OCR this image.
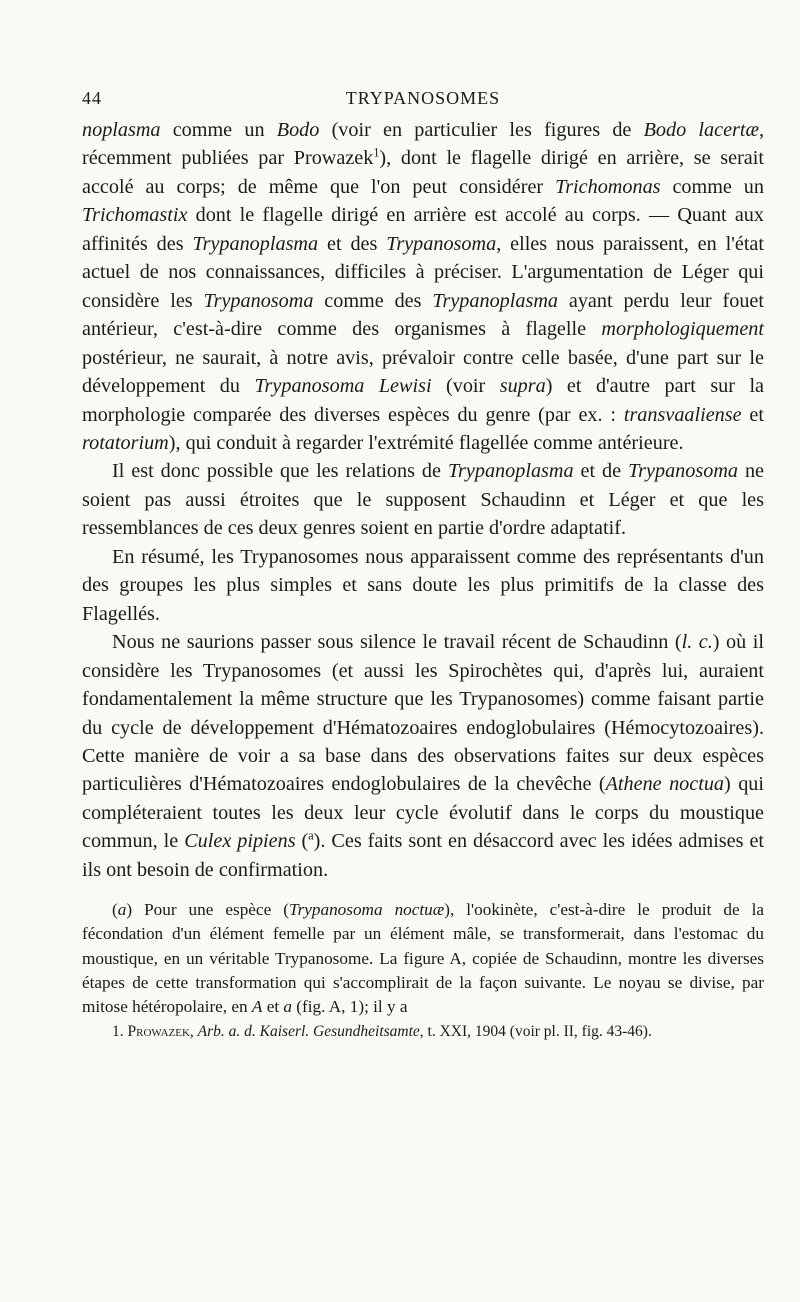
44	TRYPANOSOMES

noplasma comme un Bodo (voir en particulier les figures de Bodo lacertæ, récemment publiées par Prowazek$^1$), dont le flagelle dirigé en arrière, se serait accolé au corps; de même que l'on peut considérer Trichomonas comme un Trichomastix dont le flagelle dirigé en arrière est accolé au corps. — Quant aux affinités des Trypanoplasma et des Trypanosoma, elles nous paraissent, en l'état actuel de nos connaissances, difficiles à préciser. L'argumentation de Léger qui considère les Trypanosoma comme des Trypanoplasma ayant perdu leur fouet antérieur, c'est-à-dire comme des organismes à flagelle morphologiquement postérieur, ne saurait, à notre avis, prévaloir contre celle basée, d'une part sur le développement du Trypanosoma Lewisi (voir supra) et d'autre part sur la morphologie comparée des diverses espèces du genre (par ex. : transvaaliense et rotatorium), qui conduit à regarder l'extrémité flagellée comme antérieure.

Il est donc possible que les relations de Trypanoplasma et de Trypanosoma ne soient pas aussi étroites que le supposent Schaudinn et Léger et que les ressemblances de ces deux genres soient en partie d'ordre adaptatif.

En résumé, les Trypanosomes nous apparaissent comme des représentants d'un des groupes les plus simples et sans doute les plus primitifs de la classe des Flagellés.

Nous ne saurions passer sous silence le travail récent de Schaudinn (l. c.) où il considère les Trypanosomes (et aussi les Spirochètes qui, d'après lui, auraient fondamentalement la même structure que les Trypanosomes) comme faisant partie du cycle de développement d'Hématozoaires endoglobulaires (Hémocytozoaires). Cette manière de voir a sa base dans des observations faites sur deux espèces particulières d'Hématozoaires endoglobulaires de la chevêche (Athene noctua) qui compléteraient toutes les deux leur cycle évolutif dans le corps du moustique commun, le Culex pipiens ($^a$). Ces faits sont en désaccord avec les idées admises et ils ont besoin de confirmation.

(a) Pour une espèce (Trypanosoma noctuæ), l'ookinète, c'est-à-dire le produit de la fécondation d'un élément femelle par un élément mâle, se transformerait, dans l'estomac du moustique, en un véritable Trypanosome. La figure A, copiée de Schaudinn, montre les diverses étapes de cette transformation qui s'accomplirait de la façon suivante. Le noyau se divise, par mitose hétéropolaire, en A et a (fig. A, 1); il y a
1. Prowazek, Arb. a. d. Kaiserl. Gesundheitsamte, t. XXI, 1904 (voir pl. II, fig. 43-46).
